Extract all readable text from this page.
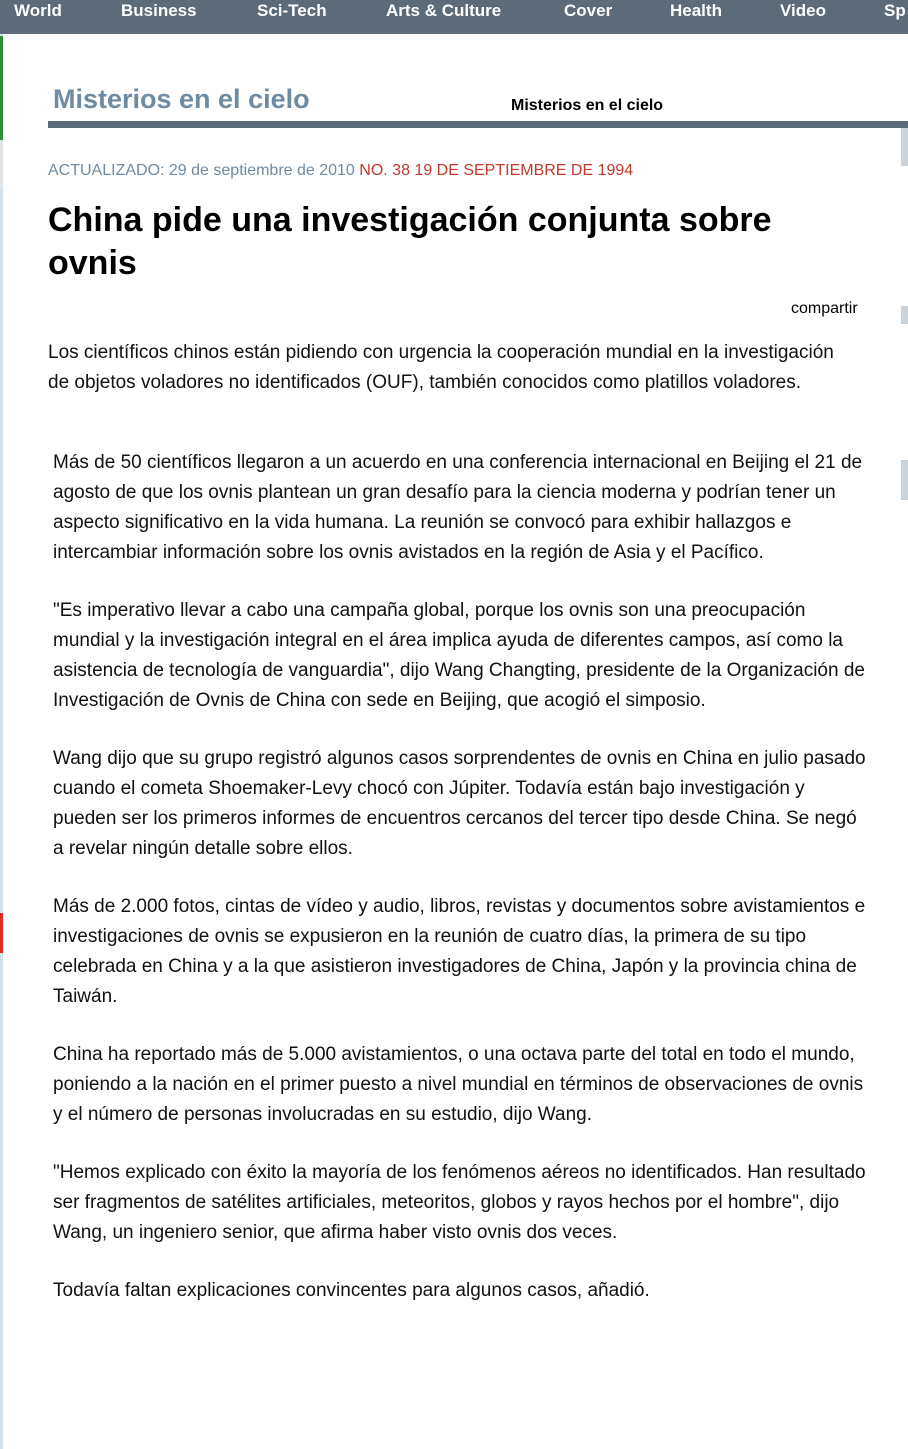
World	Business	Sci-Tech	Arts & Culture	Cover	Health	Video	Sp
Misterios en el cielo	Misterios en el cielo
ACTUALIZADO: 29 de septiembre de 2010 NO. 38 19 DE SEPTIEMBRE DE 1994
China pide una investigación conjunta sobre ovnis
compartir

Los científicos chinos están pidiendo con urgencia la cooperación mundial en la investigación de objetos voladores no identificados (OUF), también conocidos como platillos voladores.

Más de 50 científicos llegaron a un acuerdo en una conferencia internacional en Beijing el 21 de agosto de que los ovnis plantean un gran desafío para la ciencia moderna y podrían tener un aspecto significativo en la vida humana. La reunión se convocó para exhibir hallazgos e intercambiar información sobre los ovnis avistados en la región de Asia y el Pacífico.

"Es imperativo llevar a cabo una campaña global, porque los ovnis son una preocupación mundial y la investigación integral en el área implica ayuda de diferentes campos, así como la asistencia de tecnología de vanguardia", dijo Wang Changting, presidente de la Organización de Investigación de Ovnis de China con sede en Beijing, que acogió el simposio.

Wang dijo que su grupo registró algunos casos sorprendentes de ovnis en China en julio pasado cuando el cometa Shoemaker-Levy chocó con Júpiter. Todavía están bajo investigación y pueden ser los primeros informes de encuentros cercanos del tercer tipo desde China. Se negó a revelar ningún detalle sobre ellos.

Más de 2.000 fotos, cintas de vídeo y audio, libros, revistas y documentos sobre avistamientos e investigaciones de ovnis se expusieron en la reunión de cuatro días, la primera de su tipo celebrada en China y a la que asistieron investigadores de China, Japón y la provincia china de Taiwán.

China ha reportado más de 5.000 avistamientos, o una octava parte del total en todo el mundo, poniendo a la nación en el primer puesto a nivel mundial en términos de observaciones de ovnis y el número de personas involucradas en su estudio, dijo Wang.

"Hemos explicado con éxito la mayoría de los fenómenos aéreos no identificados. Han resultado ser fragmentos de satélites artificiales, meteoritos, globos y rayos hechos por el hombre", dijo Wang, un ingeniero senior, que afirma haber visto ovnis dos veces.

Todavía faltan explicaciones convincentes para algunos casos, añadió.
